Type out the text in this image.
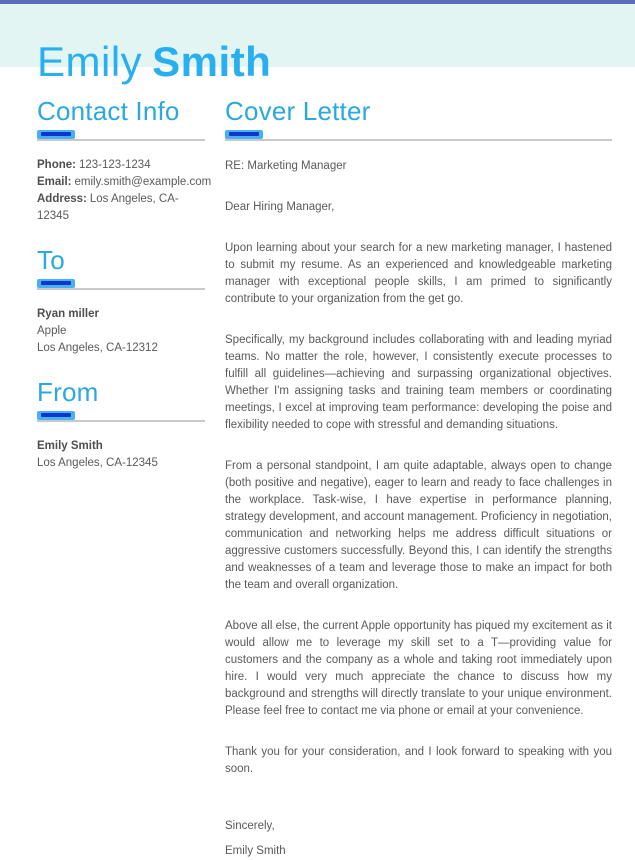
Emily Smith
Contact Info
Phone: 123-123-1234
Email: emily.smith@example.com
Address: Los Angeles, CA-12345
To
Ryan miller
Apple
Los Angeles, CA-12312
From
Emily Smith
Los Angeles, CA-12345
Cover Letter
RE: Marketing Manager
Dear Hiring Manager,

Upon learning about your search for a new marketing manager, I hastened to submit my resume. As an experienced and knowledgeable marketing manager with exceptional people skills, I am primed to significantly contribute to your organization from the get go.

Specifically, my background includes collaborating with and leading myriad teams. No matter the role, however, I consistently execute processes to fulfill all guidelines—achieving and surpassing organizational objectives. Whether I'm assigning tasks and training team members or coordinating meetings, I excel at improving team performance: developing the poise and flexibility needed to cope with stressful and demanding situations.

From a personal standpoint, I am quite adaptable, always open to change (both positive and negative), eager to learn and ready to face challenges in the workplace. Task-wise, I have expertise in performance planning, strategy development, and account management. Proficiency in negotiation, communication and networking helps me address difficult situations or aggressive customers successfully. Beyond this, I can identify the strengths and weaknesses of a team and leverage those to make an impact for both the team and overall organization.

Above all else, the current Apple opportunity has piqued my excitement as it would allow me to leverage my skill set to a T—providing value for customers and the company as a whole and taking root immediately upon hire. I would very much appreciate the chance to discuss how my background and strengths will directly translate to your unique environment. Please feel free to contact me via phone or email at your convenience.

Thank you for your consideration, and I look forward to speaking with you soon.

Sincerely,
Emily Smith
